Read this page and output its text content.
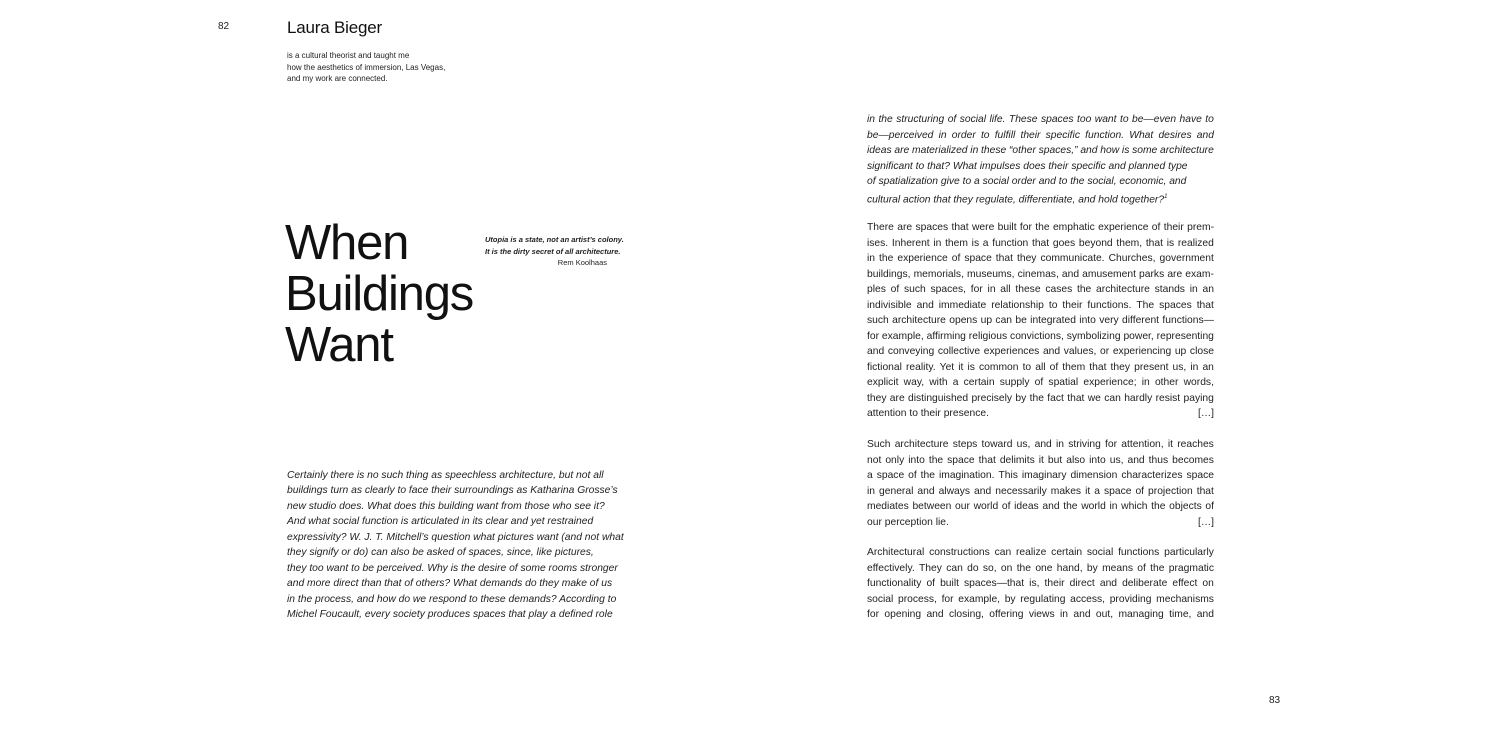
82	Laura Bieger
is a cultural theorist and taught me
how the aesthetics of immersion, Las Vegas,
and my work are connected.
When
Buildings
Want
Utopia is a state, not an artist’s colony.
It is the dirty secret of all architecture.
Rem Koolhaas
Certainly there is no such thing as speechless architecture, but not all
buildings turn as clearly to face their surroundings as Katharina Grosse’s
new studio does. What does this building want from those who see it?
And what social function is articulated in its clear and yet restrained
expressivity? W. J. T. Mitchell’s question what pictures want (and not what
they signify or do) can also be asked of spaces, since, like pictures,
they too want to be perceived. Why is the desire of some rooms stronger
and more direct than that of others? What demands do they make of us
in the process, and how do we respond to these demands? According to
Michel Foucault, every society produces spaces that play a defined role
in the structuring of social life. These spaces too want to be—even have to
be—perceived in order to fulfill their specific function. What desires and
ideas are materialized in these “other spaces,” and how is some architecture
significant to that? What impulses does their specific and planned type
of spatialization give to a social order and to the social, economic, and
cultural action that they regulate, differentiate, and hold together?$^1$
There are spaces that were built for the emphatic experience of their prem-
ises. Inherent in them is a function that goes beyond them, that is realized
in the experience of space that they communicate. Churches, government
buildings, memorials, museums, cinemas, and amusement parks are exam-
ples of such spaces, for in all these cases the architecture stands in an
indivisible and immediate relationship to their functions. The spaces that
such architecture opens up can be integrated into very different functions—
for example, affirming religious convictions, symbolizing power, representing
and conveying collective experiences and values, or experiencing up close
fictional reality. Yet it is common to all of them that they present us, in an
explicit way, with a certain supply of spatial experience; in other words,
they are distinguished precisely by the fact that we can hardly resist paying
attention to their presence.	[…]
Such architecture steps toward us, and in striving for attention, it reaches
not only into the space that delimits it but also into us, and thus becomes
a space of the imagination. This imaginary dimension characterizes space
in general and always and necessarily makes it a space of projection that
mediates between our world of ideas and the world in which the objects of
our perception lie.	[…]
Architectural constructions can realize certain social functions particularly
effectively. They can do so, on the one hand, by means of the pragmatic
functionality of built spaces—that is, their direct and deliberate effect on
social process, for example, by regulating access, providing mechanisms
for opening and closing, offering views in and out, managing time, and
83
